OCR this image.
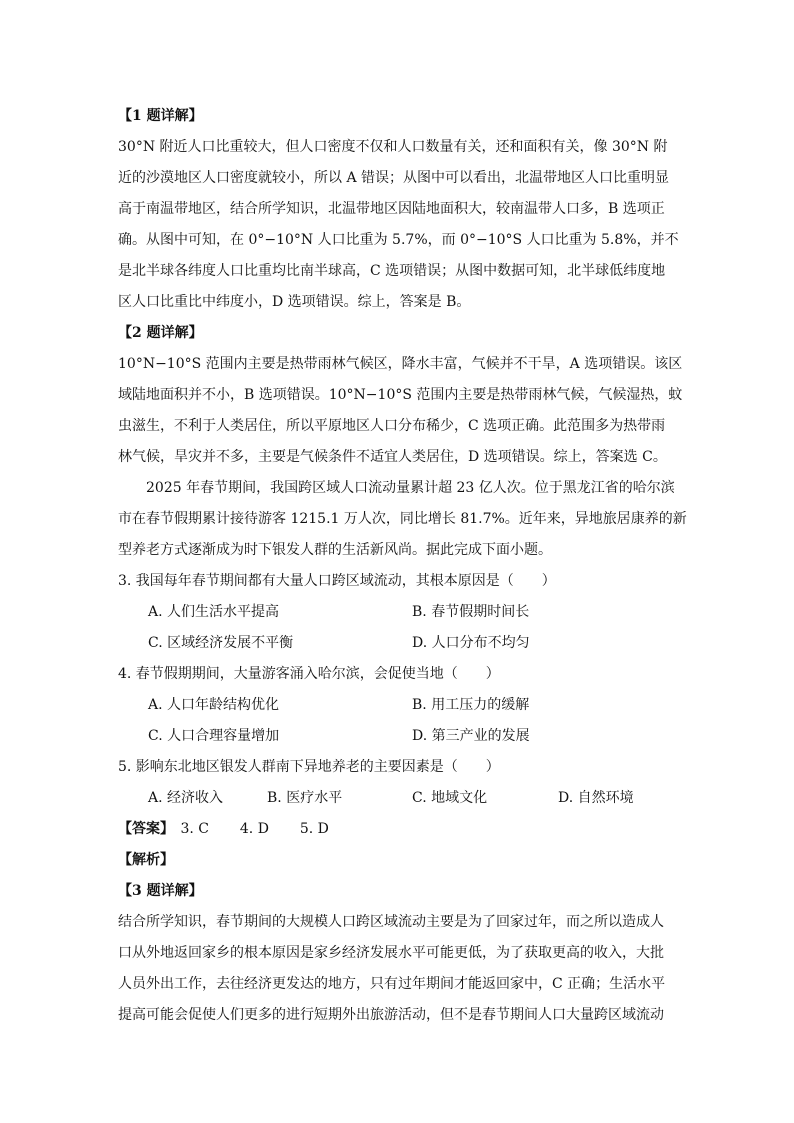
【1 题详解】
30°N 附近人口比重较大，但人口密度不仅和人口数量有关，还和面积有关，像 30°N 附
近的沙漠地区人口密度就较小，所以 A 错误；从图中可以看出，北温带地区人口比重明显
高于南温带地区，结合所学知识，北温带地区因陆地面积大，较南温带人口多，B 选项正
确。从图中可知，在 0°−10°N 人口比重为 5.7%，而 0°−10°S 人口比重为 5.8%，并不
是北半球各纬度人口比重均比南半球高，C 选项错误；从图中数据可知，北半球低纬度地
区人口比重比中纬度小，D 选项错误。综上，答案是 B。
【2 题详解】
10°N−10°S 范围内主要是热带雨林气候区，降水丰富，气候并不干旱，A 选项错误。该区
域陆地面积并不小，B 选项错误。10°N−10°S 范围内主要是热带雨林气候，气候湿热，蚊
虫滋生，不利于人类居住，所以平原地区人口分布稀少，C 选项正确。此范围多为热带雨
林气候，旱灾并不多，主要是气候条件不适宜人类居住，D 选项错误。综上，答案选 C。
2025 年春节期间，我国跨区域人口流动量累计超 23 亿人次。位于黑龙江省的哈尔滨
市在春节假期累计接待游客 1215.1 万人次，同比增长 81.7%。近年来，异地旅居康养的新
型养老方式逐渐成为时下银发人群的生活新风尚。据此完成下面小题。
3. 我国每年春节期间都有大量人口跨区域流动，其根本原因是（　　）
A. 人们生活水平提高	B. 春节假期时间长
C. 区域经济发展不平衡	D. 人口分布不均匀
4. 春节假期期间，大量游客涌入哈尔滨，会促使当地（　　）
A. 人口年龄结构优化	B. 用工压力的缓解
C. 人口合理容量增加	D. 第三产业的发展
5. 影响东北地区银发人群南下异地养老的主要因素是（　　）
A. 经济收入	B. 医疗水平	C. 地域文化	D. 自然环境
【答案】 3. C 4. D 5. D
【解析】
【3 题详解】
结合所学知识，春节期间的大规模人口跨区域流动主要是为了回家过年，而之所以造成人
口从外地返回家乡的根本原因是家乡经济发展水平可能更低，为了获取更高的收入，大批
人员外出工作，去往经济更发达的地方，只有过年期间才能返回家中，C 正确；生活水平
提高可能会促使人们更多的进行短期外出旅游活动，但不是春节期间人口大量跨区域流动
